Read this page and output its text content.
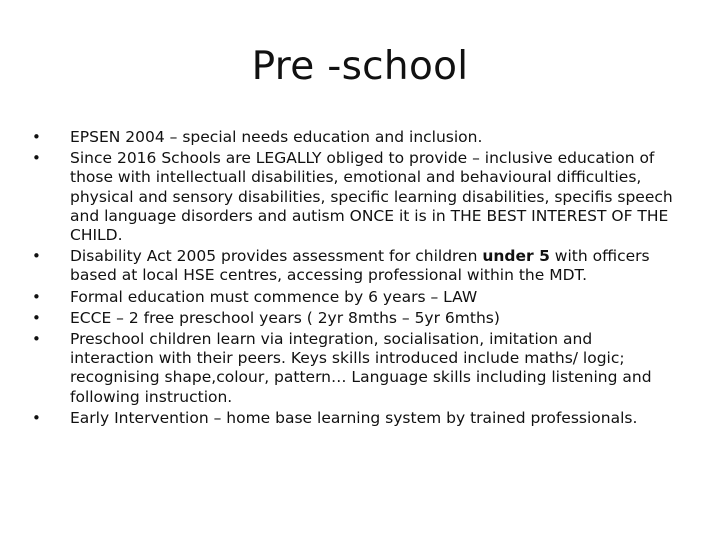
Pre -school
•	EPSEN 2004 – special needs education and inclusion.
•	Since 2016 Schools are LEGALLY obliged to provide – inclusive education of those with intellectuall disabilities, emotional and behavioural difficulties, physical and sensory disabilities, specific learning disabilities, specifis speech and language disorders and autism ONCE it is in THE BEST INTEREST OF THE CHILD.
•	Disability Act 2005 provides assessment for children under 5 with officers based at local HSE centres, accessing professional within the MDT.
•	Formal education must commence by 6 years – LAW
•	ECCE – 2 free preschool years ( 2yr 8mths – 5yr 6mths)
•	Preschool children learn via integration, socialisation, imitation and interaction with their peers. Keys skills introduced include maths/ logic; recognising shape,colour, pattern… Language skills including listening and following instruction.
•	Early Intervention – home base learning system by trained professionals.
